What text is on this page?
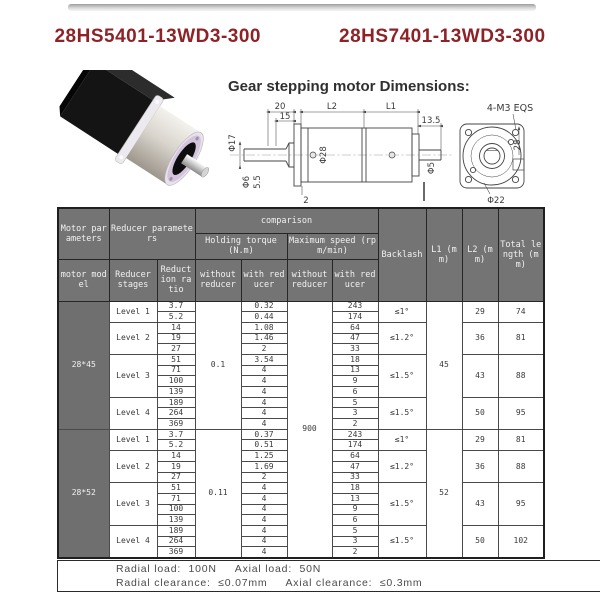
28HS5401-13WD3-300	28HS7401-13WD3-300
Gear stepping motor Dimensions:
20
15
L2	L1
13.5
Φ17
Φ6 5.5
Φ28
2
Φ5
4-M3 EQS
28
Φ22
Motor parameters	Reducer parameters		comparison				Backlash	L1 (mm)	L2 (mm)	Total length (mm)
			Holding torque (N.m)		Maximum speed (rpm/min)					
motor model	Reducer stages	Reduction ratio	without reducer	with reducer	without reducer	with reducer				
28*45	Level 1	3.7	0.1	0.32	900	243	≤1°	45	29	74
		5.2		0.44		174				
	Level 2	14		1.08		64	≤1.2°		36	81
		19		1.46		47				
		27		2		33				
	Level 3	51		3.54		18	≤1.5°		43	88
		71		4		13				
		100		4		9				
		139		4		6				
	Level 4	189		4		5	≤1.5°		50	95
		264		4		3				
		369		4		2				
28*52	Level 1	3.7	0.11	0.37		243	≤1°	52	29	81
		5.2		0.51		174				
	Level 2	14		1.25		64	≤1.2°		36	88
		19		1.69		47				
		27		2		33				
	Level 3	51		4		18	≤1.5°		43	95
		71		4		13				
		100		4		9				
		139		4		6				
	Level 4	189		4		5	≤1.5°		50	102
		264		4		3				
		369		4		2				
Radial load:  100N     Axial load:  50N
Radial clearance:  ≤0.07mm     Axial clearance:  ≤0.3mm
